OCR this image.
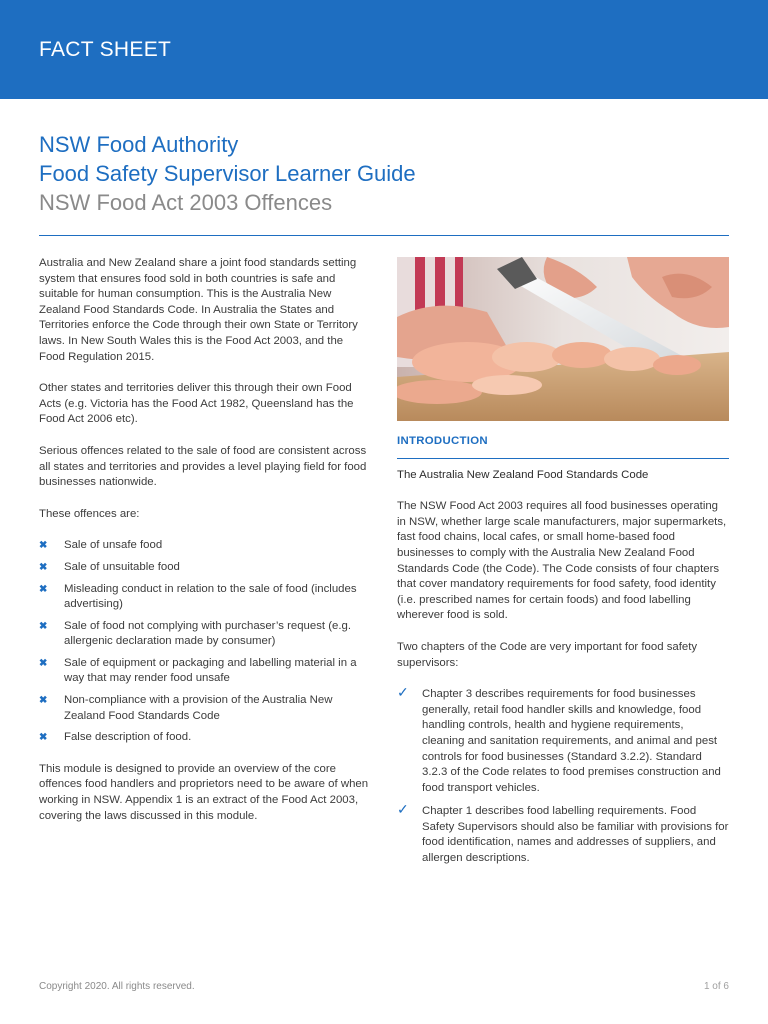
FACT SHEET
NSW Food Authority
Food Safety Supervisor Learner Guide
NSW Food Act 2003 Offences

Australia and New Zealand share a joint food standards setting system that ensures food sold in both countries is safe and suitable for human consumption. This is the Australia New Zealand Food Standards Code. In Australia the States and Territories enforce the Code through their own State or Territory laws. In New South Wales this is the Food Act 2003, and the Food Regulation 2015.

Other states and territories deliver this through their own Food Acts (e.g. Victoria has the Food Act 1982, Queensland has the Food Act 2006 etc).

Serious offences related to the sale of food are consistent across all states and territories and provides a level playing field for food businesses nationwide.

These offences are:

✖ Sale of unsafe food
✖ Sale of unsuitable food
✖ Misleading conduct in relation to the sale of food (includes advertising)
✖ Sale of food not complying with purchaser’s request (e.g. allergenic declaration made by consumer)
✖ Sale of equipment or packaging and labelling material in a way that may render food unsafe
✖ Non-compliance with a provision of the Australia New Zealand Food Standards Code
✖ False description of food.

This module is designed to provide an overview of the core offences food handlers and proprietors need to be aware of when working in NSW. Appendix 1 is an extract of the Food Act 2003, covering the laws discussed in this module.

INTRODUCTION

The Australia New Zealand Food Standards Code

The NSW Food Act 2003 requires all food businesses operating in NSW, whether large scale manufacturers, major supermarkets, fast food chains, local cafes, or small home-based food businesses to comply with the Australia New Zealand Food Standards Code (the Code). The Code consists of four chapters that cover mandatory requirements for food safety, food identity (i.e. prescribed names for certain foods) and food labelling wherever food is sold.

Two chapters of the Code are very important for food safety supervisors:

✓ Chapter 3 describes requirements for food businesses generally, retail food handler skills and knowledge, food handling controls, health and hygiene requirements, cleaning and sanitation requirements, and animal and pest controls for food businesses (Standard 3.2.2). Standard 3.2.3 of the Code relates to food premises construction and food transport vehicles.
✓ Chapter 1 describes food labelling requirements. Food Safety Supervisors should also be familiar with provisions for food identification, names and addresses of suppliers, and allergen descriptions.
Copyright 2020. All rights reserved.	1 of 6
